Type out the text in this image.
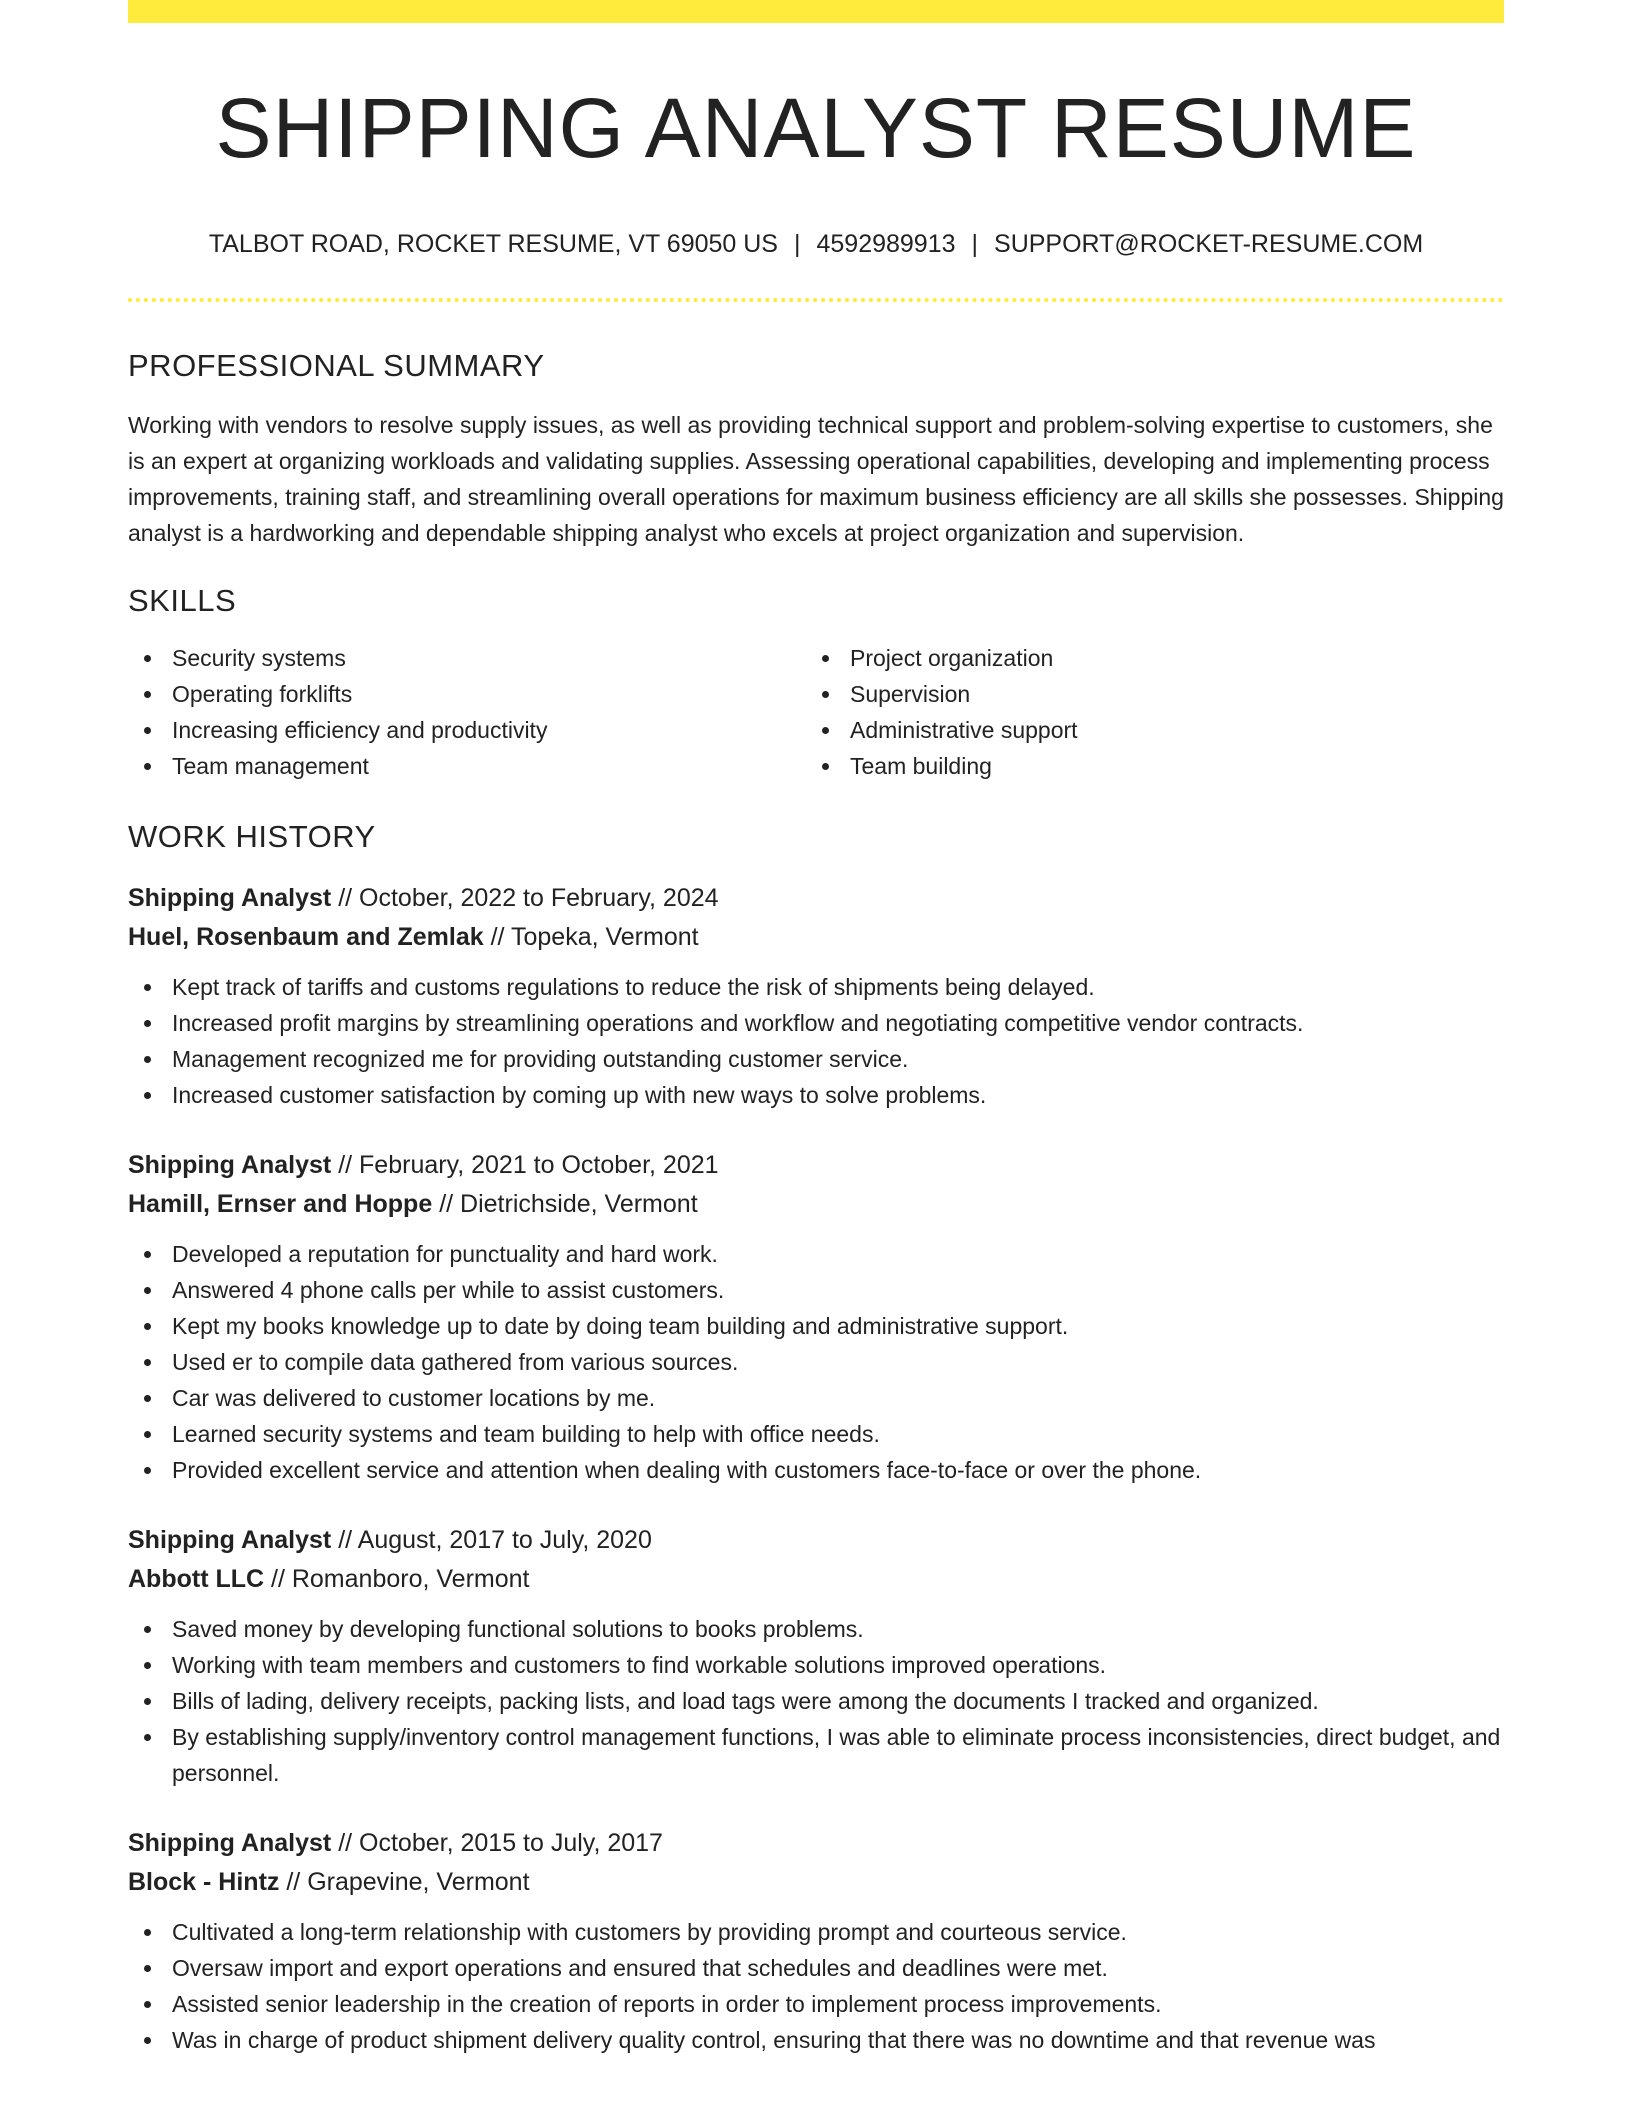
SHIPPING ANALYST RESUME
TALBOT ROAD, ROCKET RESUME, VT 69050 US | 4592989913 | SUPPORT@ROCKET-RESUME.COM
PROFESSIONAL SUMMARY

Working with vendors to resolve supply issues, as well as providing technical support and problem-solving expertise to customers, she is an expert at organizing workloads and validating supplies. Assessing operational capabilities, developing and implementing process improvements, training staff, and streamlining overall operations for maximum business efficiency are all skills she possesses. Shipping analyst is a hardworking and dependable shipping analyst who excels at project organization and supervision.

SKILLS
Security systems
Operating forklifts
Increasing efficiency and productivity
Team management
Project organization
Supervision
Administrative support
Team building
WORK HISTORY
Shipping Analyst // October, 2022 to February, 2024
Huel, Rosenbaum and Zemlak // Topeka, Vermont
Kept track of tariffs and customs regulations to reduce the risk of shipments being delayed.
Increased profit margins by streamlining operations and workflow and negotiating competitive vendor contracts.
Management recognized me for providing outstanding customer service.
Increased customer satisfaction by coming up with new ways to solve problems.
Shipping Analyst // February, 2021 to October, 2021
Hamill, Ernser and Hoppe // Dietrichside, Vermont
Developed a reputation for punctuality and hard work.
Answered 4 phone calls per while to assist customers.
Kept my books knowledge up to date by doing team building and administrative support.
Used er to compile data gathered from various sources.
Car was delivered to customer locations by me.
Learned security systems and team building to help with office needs.
Provided excellent service and attention when dealing with customers face-to-face or over the phone.
Shipping Analyst // August, 2017 to July, 2020
Abbott LLC // Romanboro, Vermont
Saved money by developing functional solutions to books problems.
Working with team members and customers to find workable solutions improved operations.
Bills of lading, delivery receipts, packing lists, and load tags were among the documents I tracked and organized.
By establishing supply/inventory control management functions, I was able to eliminate process inconsistencies, direct budget, and personnel.
Shipping Analyst // October, 2015 to July, 2017
Block - Hintz // Grapevine, Vermont
Cultivated a long-term relationship with customers by providing prompt and courteous service.
Oversaw import and export operations and ensured that schedules and deadlines were met.
Assisted senior leadership in the creation of reports in order to implement process improvements.
Was in charge of product shipment delivery quality control, ensuring that there was no downtime and that revenue was
